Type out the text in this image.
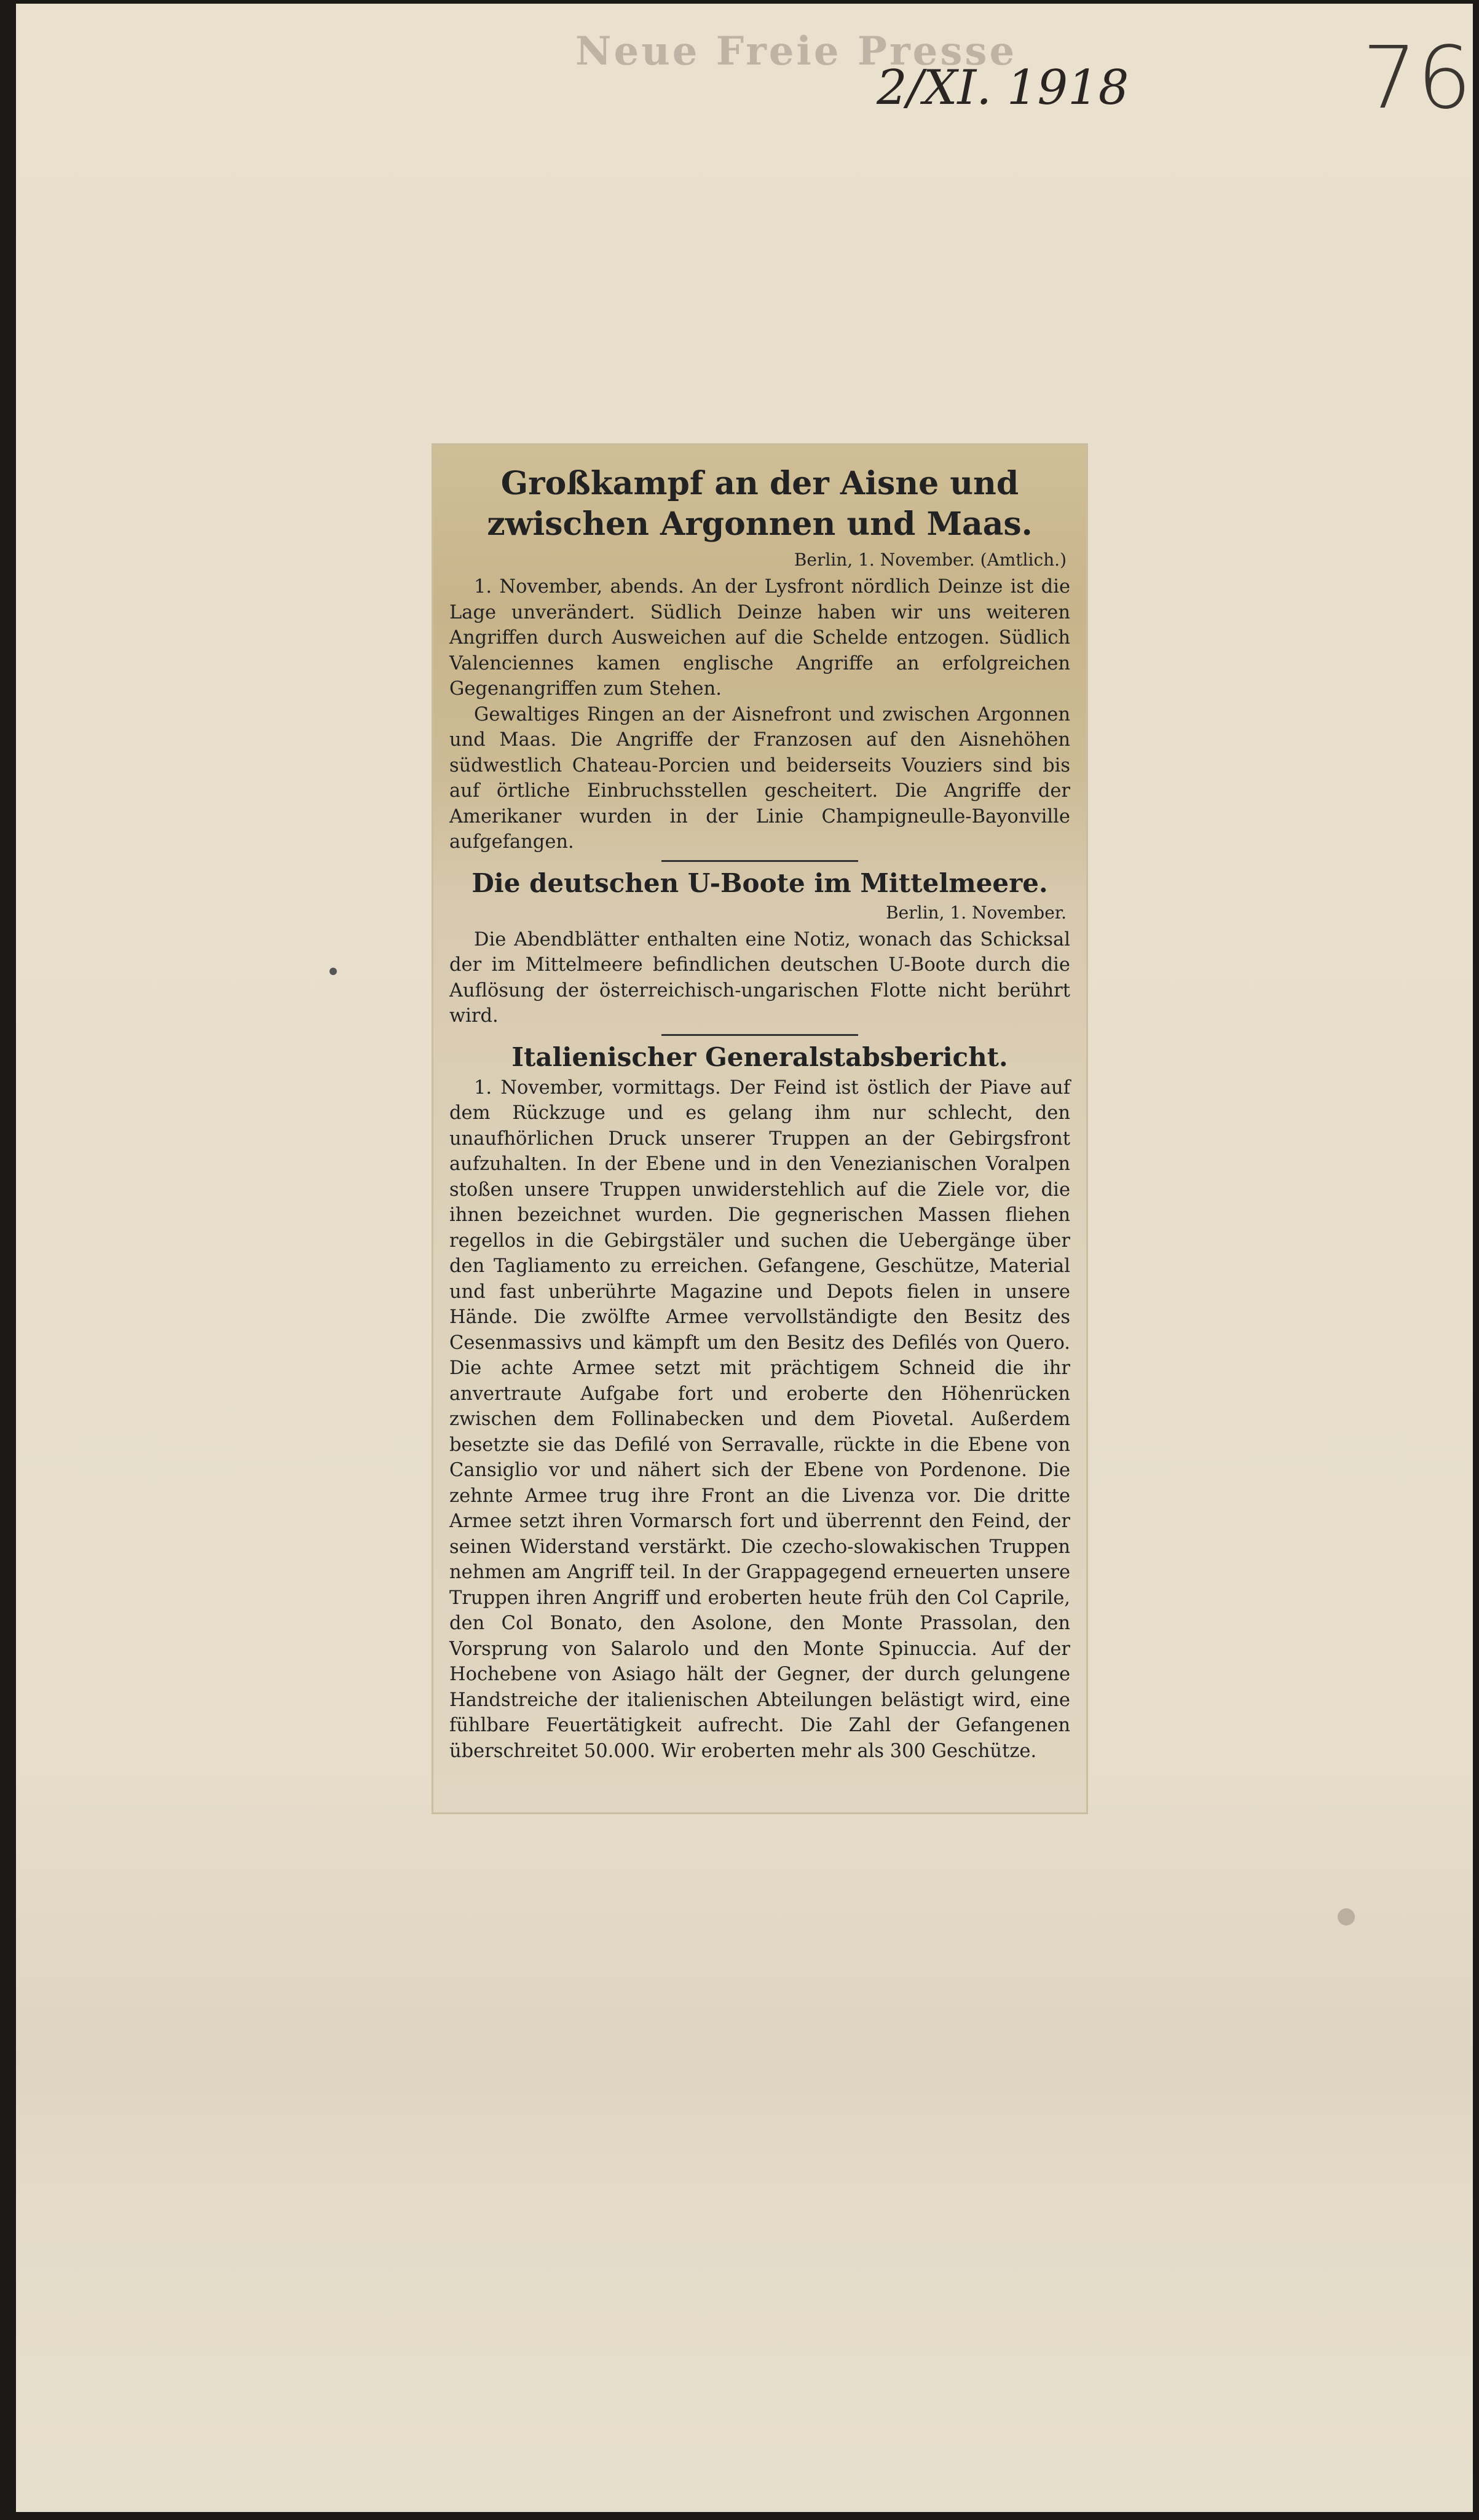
Neue Freie Presse
2/XI. 1918	76
Großkampf an der Aisne und zwischen Argonnen und Maas.
Berlin, 1. November. (Amtlich.)
1. November, abends. An der Lysfront nördlich Deinze ist die Lage unverändert. Südlich Deinze haben wir uns weiteren Angriffen durch Ausweichen auf die Schelde entzogen. Südlich Valenciennes kamen englische Angriffe an erfolgreichen Gegenangriffen zum Stehen.
Gewaltiges Ringen an der Aisnefront und zwischen Argonnen und Maas. Die Angriffe der Franzosen auf den Aisnehöhen südwestlich Chateau-Porcien und beiderseits Vouziers sind bis auf örtliche Einbruchsstellen gescheitert. Die Angriffe der Amerikaner wurden in der Linie Champigneulle-Bayonville aufgefangen.
Die deutschen U-Boote im Mittelmeere.
Berlin, 1. November.
Die Abendblätter enthalten eine Notiz, wonach das Schicksal der im Mittelmeere befindlichen deutschen U-Boote durch die Auflösung der österreichisch-ungarischen Flotte nicht berührt wird.
Italienischer Generalstabsbericht.
1. November, vormittags. Der Feind ist östlich der Piave auf dem Rückzuge und es gelang ihm nur schlecht, den unaufhörlichen Druck unserer Truppen an der Gebirgsfront aufzuhalten. In der Ebene und in den Venezianischen Voralpen stoßen unsere Truppen unwiderstehlich auf die Ziele vor, die ihnen bezeichnet wurden. Die gegnerischen Massen fliehen regellos in die Gebirgstäler und suchen die Uebergänge über den Tagliamento zu erreichen. Gefangene, Geschütze, Material und fast unberührte Magazine und Depots fielen in unsere Hände. Die zwölfte Armee vervollständigte den Besitz des Cesenmassivs und kämpft um den Besitz des Defilés von Quero. Die achte Armee setzt mit prächtigem Schneid die ihr anvertraute Aufgabe fort und eroberte den Höhenrücken zwischen dem Follinabecken und dem Piovetal. Außerdem besetzte sie das Defilé von Serravalle, rückte in die Ebene von Cansiglio vor und nähert sich der Ebene von Pordenone. Die zehnte Armee trug ihre Front an die Livenza vor. Die dritte Armee setzt ihren Vormarsch fort und überrennt den Feind, der seinen Widerstand verstärkt. Die czecho-slowakischen Truppen nehmen am Angriff teil. In der Grappagegend erneuerten unsere Truppen ihren Angriff und eroberten heute früh den Col Caprile, den Col Bonato, den Asolone, den Monte Prassolan, den Vorsprung von Salarolo und den Monte Spinuccia. Auf der Hochebene von Asiago hält der Gegner, der durch gelungene Handstreiche der italienischen Abteilungen belästigt wird, eine fühlbare Feuertätigkeit aufrecht. Die Zahl der Gefangenen überschreitet 50.000. Wir eroberten mehr als 300 Geschütze.
